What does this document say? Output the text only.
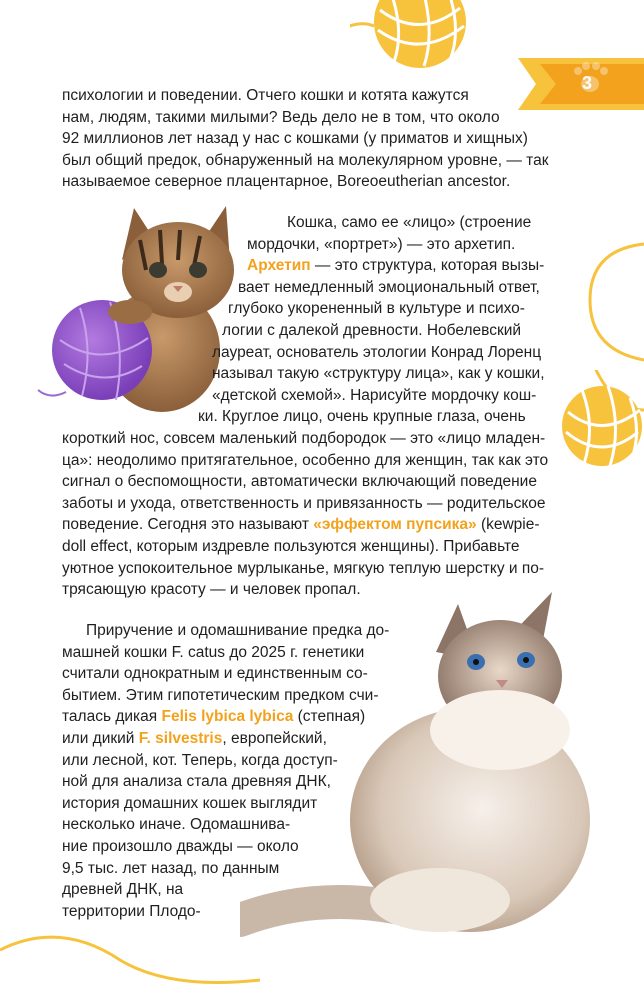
3
психологии и поведении. Отчего кошки и котята кажутся
нам, людям, такими милыми? Ведь дело не в том, что около
92 миллионов лет назад у нас с кошками (у приматов и хищных)
был общий предок, обнаруженный на молекулярном уровне, — так
называемое северное плацентарное, Boreoeutherian ancestor.
Кошка, само ее «лицо» (строение
мордочки, «портрет») — это архетип.
Архетип — это структура, которая вызы-
вает немедленный эмоциональный ответ,
глубоко укорененный в культуре и психо-
логии с далекой древности. Нобелевский
лауреат, основатель этологии Конрад Лоренц
называл такую «структуру лица», как у кошки,
«детской схемой». Нарисуйте мордочку кош-
ки. Круглое лицо, очень крупные глаза, очень
короткий нос, совсем маленький подбородок — это «лицо младен-
ца»: неодолимо притягательное, особенно для женщин, так как это
сигнал о беспомощности, автоматически включающий поведение
заботы и ухода, ответственность и привязанность — родительское
поведение. Сегодня это называют «эффектом пупсика» (kewpie-
doll effect, которым издревле пользуются женщины). Прибавьте
уютное успокоительное мурлыканье, мягкую теплую шерстку и по-
трясающую красоту — и человек пропал.
Приручение и одомашнивание предка до-
машней кошки F. catus до 2025 г. генетики
считали однократным и единственным со-
бытием. Этим гипотетическим предком счи-
талась дикая Felis lybica lybica (степная)
или дикий F. silvestris, европейский,
или лесной, кот. Теперь, когда доступ-
ной для анализа стала древняя ДНК,
история домашних кошек выглядит
несколько иначе. Одомашнива-
ние произошло дважды — около
9,5 тыс. лет назад, по данным
древней ДНК, на
территории Плодо-
